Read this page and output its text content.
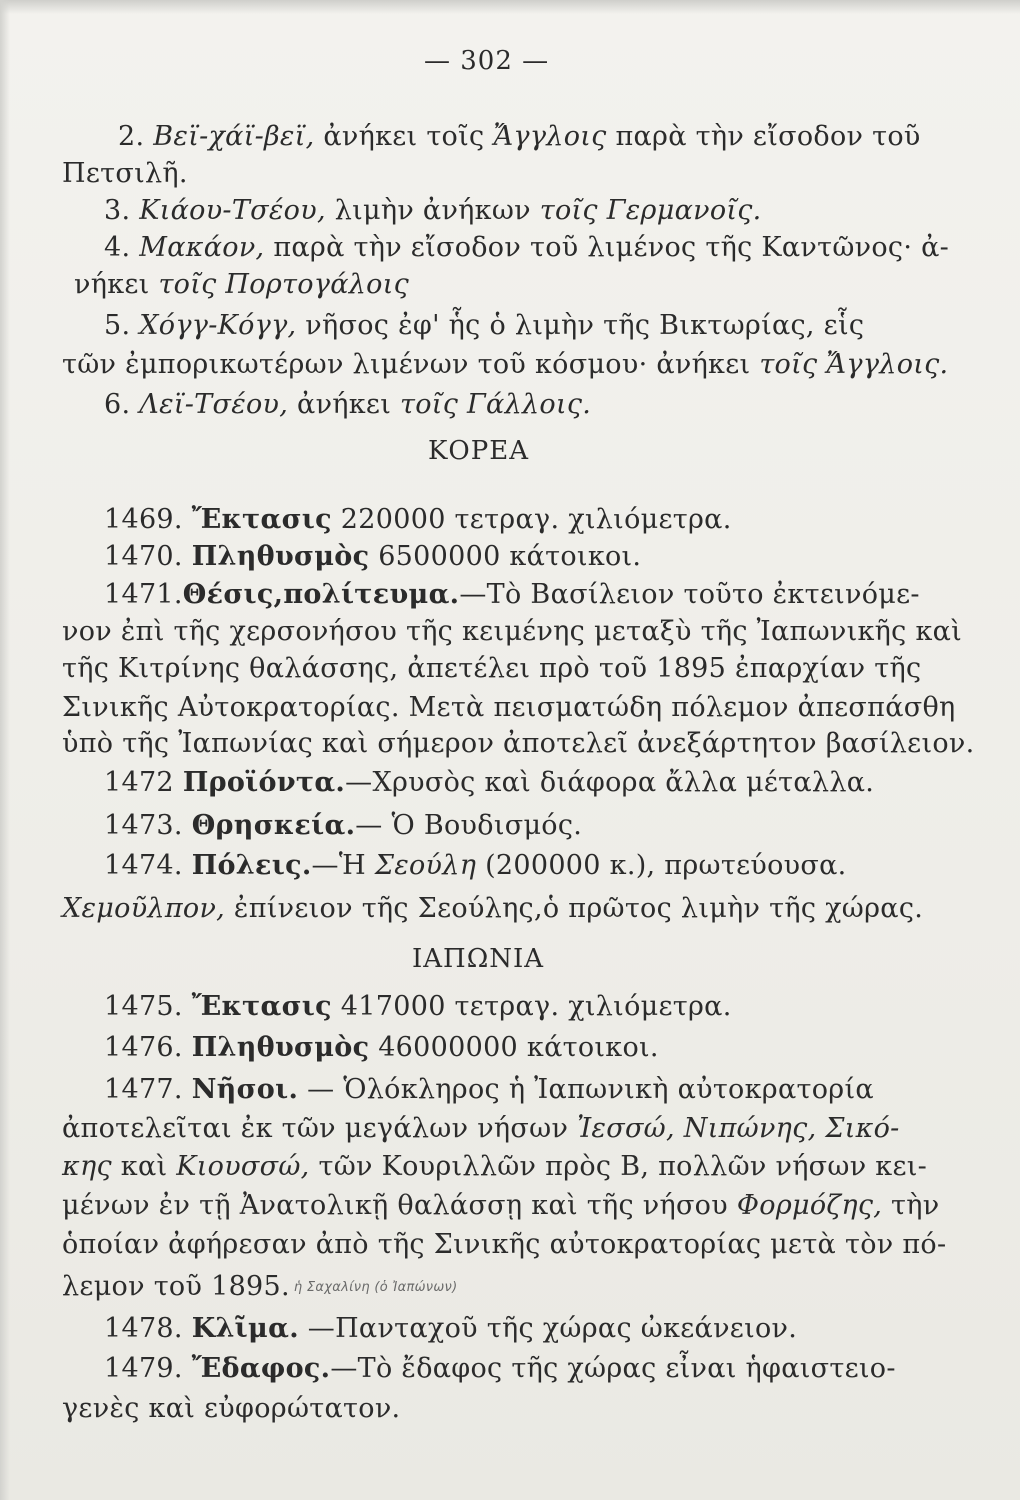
— 302 —
2. Βεϊ-χάϊ-βεϊ, ἀνήκει τοῖς Ἄγγλοις παρὰ τὴν εἴσοδον τοῦ
Πετσιλῆ.
3. Κιάου-Τσέου, λιμὴν ἀνήκων τοῖς Γερμανοῖς.
4. Μακάον, παρὰ τὴν εἴσοδον τοῦ λιμένος τῆς Καντῶνος· ἀ-
νήκει τοῖς Πορτογάλοις
5. Χόγγ-Κόγγ, νῆσος ἐφ' ἧς ὁ λιμὴν τῆς Βικτωρίας, εἷς
τῶν ἐμπορικωτέρων λιμένων τοῦ κόσμου· ἀνήκει τοῖς Ἄγγλοις.
6. Λεϊ-Τσέου, ἀνήκει τοῖς Γάλλοις.
ΚΟΡΕΑ
1469. Ἔκτασις 220000 τετραγ. χιλιόμετρα.
1470. Πληθυσμὸς 6500000 κάτοικοι.
1471.Θέσις,πολίτευμα.—Τὸ Βασίλειον τοῦτο ἐκτεινόμε-
νον ἐπὶ τῆς χερσονήσου τῆς κειμένης μεταξὺ τῆς Ἰαπωνικῆς καὶ
τῆς Κιτρίνης θαλάσσης, ἀπετέλει πρὸ τοῦ 1895 ἐπαρχίαν τῆς
Σινικῆς Αὐτοκρατορίας. Μετὰ πεισματώδη πόλεμον ἀπεσπάσθη
ὑπὸ τῆς Ἰαπωνίας καὶ σήμερον ἀποτελεῖ ἀνεξάρτητον βασίλειον.
1472 Προϊόντα.—Χρυσὸς καὶ διάφορα ἄλλα μέταλλα.
1473. Θρησκεία.— Ὁ Βουδισμός.
1474. Πόλεις.—Ἡ Σεούλη (200000 κ.), πρωτεύουσα.
Χεμοῦλπον, ἐπίνειον τῆς Σεούλης,ὁ πρῶτος λιμὴν τῆς χώρας.
ΙΑΠΩΝΙΑ
1475. Ἔκτασις 417000 τετραγ. χιλιόμετρα.
1476. Πληθυσμὸς 46000000 κάτοικοι.
1477. Νῆσοι. — Ὁλόκληρος ἡ Ἰαπωνικὴ αὐτοκρατορία
ἀποτελεῖται ἐκ τῶν μεγάλων νήσων Ἰεσσώ, Νιπώνης, Σικό-
κης καὶ Κιουσσώ, τῶν Κουριλλῶν πρὸς Β, πολλῶν νήσων κει-
μένων ἐν τῇ Ἀνατολικῇ θαλάσσῃ καὶ τῆς νήσου Φορμόζης, τὴν
ὁποίαν ἀφήρεσαν ἀπὸ τῆς Σινικῆς αὐτοκρατορίας μετὰ τὸν πό-
λεμον τοῦ 1895. ἡ Σαχαλίνη (ὁ Ἰαπώνων)
1478. Κλῖμα. —Πανταχοῦ τῆς χώρας ὠκεάνειον.
1479. Ἔδαφος.—Τὸ ἔδαφος τῆς χώρας εἶναι ἡφαιστειο-
γενὲς καὶ εὐφορώτατον.
